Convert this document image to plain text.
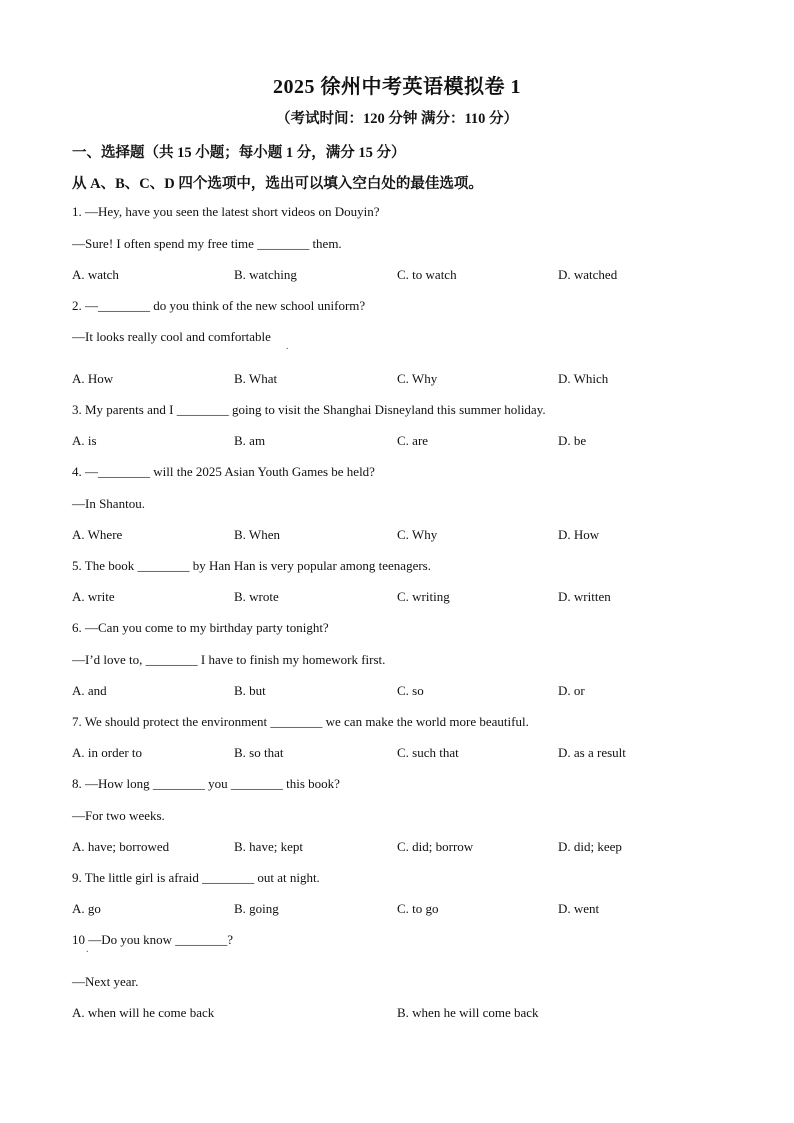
2025 徐州中考英语模拟卷 1
（考试时间：120 分钟 满分：110 分）
一、选择题（共 15 小题；每小题 1 分，满分 15 分）
从 A、B、C、D 四个选项中，选出可以填入空白处的最佳选项。
1. —Hey, have you seen the latest short videos on Douyin?
—Sure! I often spend my free time ________ them.
A. watch	B. watching	C. to watch	D. watched
2. —________ do you think of the new school uniform?
—It looks really cool and comfortable
.
A. How	B. What	C. Why	D. Which
3. My parents and I ________ going to visit the Shanghai Disneyland this summer holiday.
A. is	B. am	C. are	D. be
4. —________ will the 2025 Asian Youth Games be held?
—In Shantou.
A. Where	B. When	C. Why	D. How
5. The book ________ by Han Han is very popular among teenagers.
A. write	B. wrote	C. writing	D. written
6. —Can you come to my birthday party tonight?
—I’d love to, ________ I have to finish my homework first.
A. and	B. but	C. so	D. or
7. We should protect the environment ________ we can make the world more beautiful.
A. in order to	B. so that	C. such that	D. as a result
8. —How long ________ you ________ this book?
—For two weeks.
A. have; borrowed	B. have; kept	C. did; borrow	D. did; keep
9. The little girl is afraid ________ out at night.
A. go	B. going	C. to go	D. went
10 —Do you know ________?
.
—Next year.
A. when will he come back	B. when he will come back
